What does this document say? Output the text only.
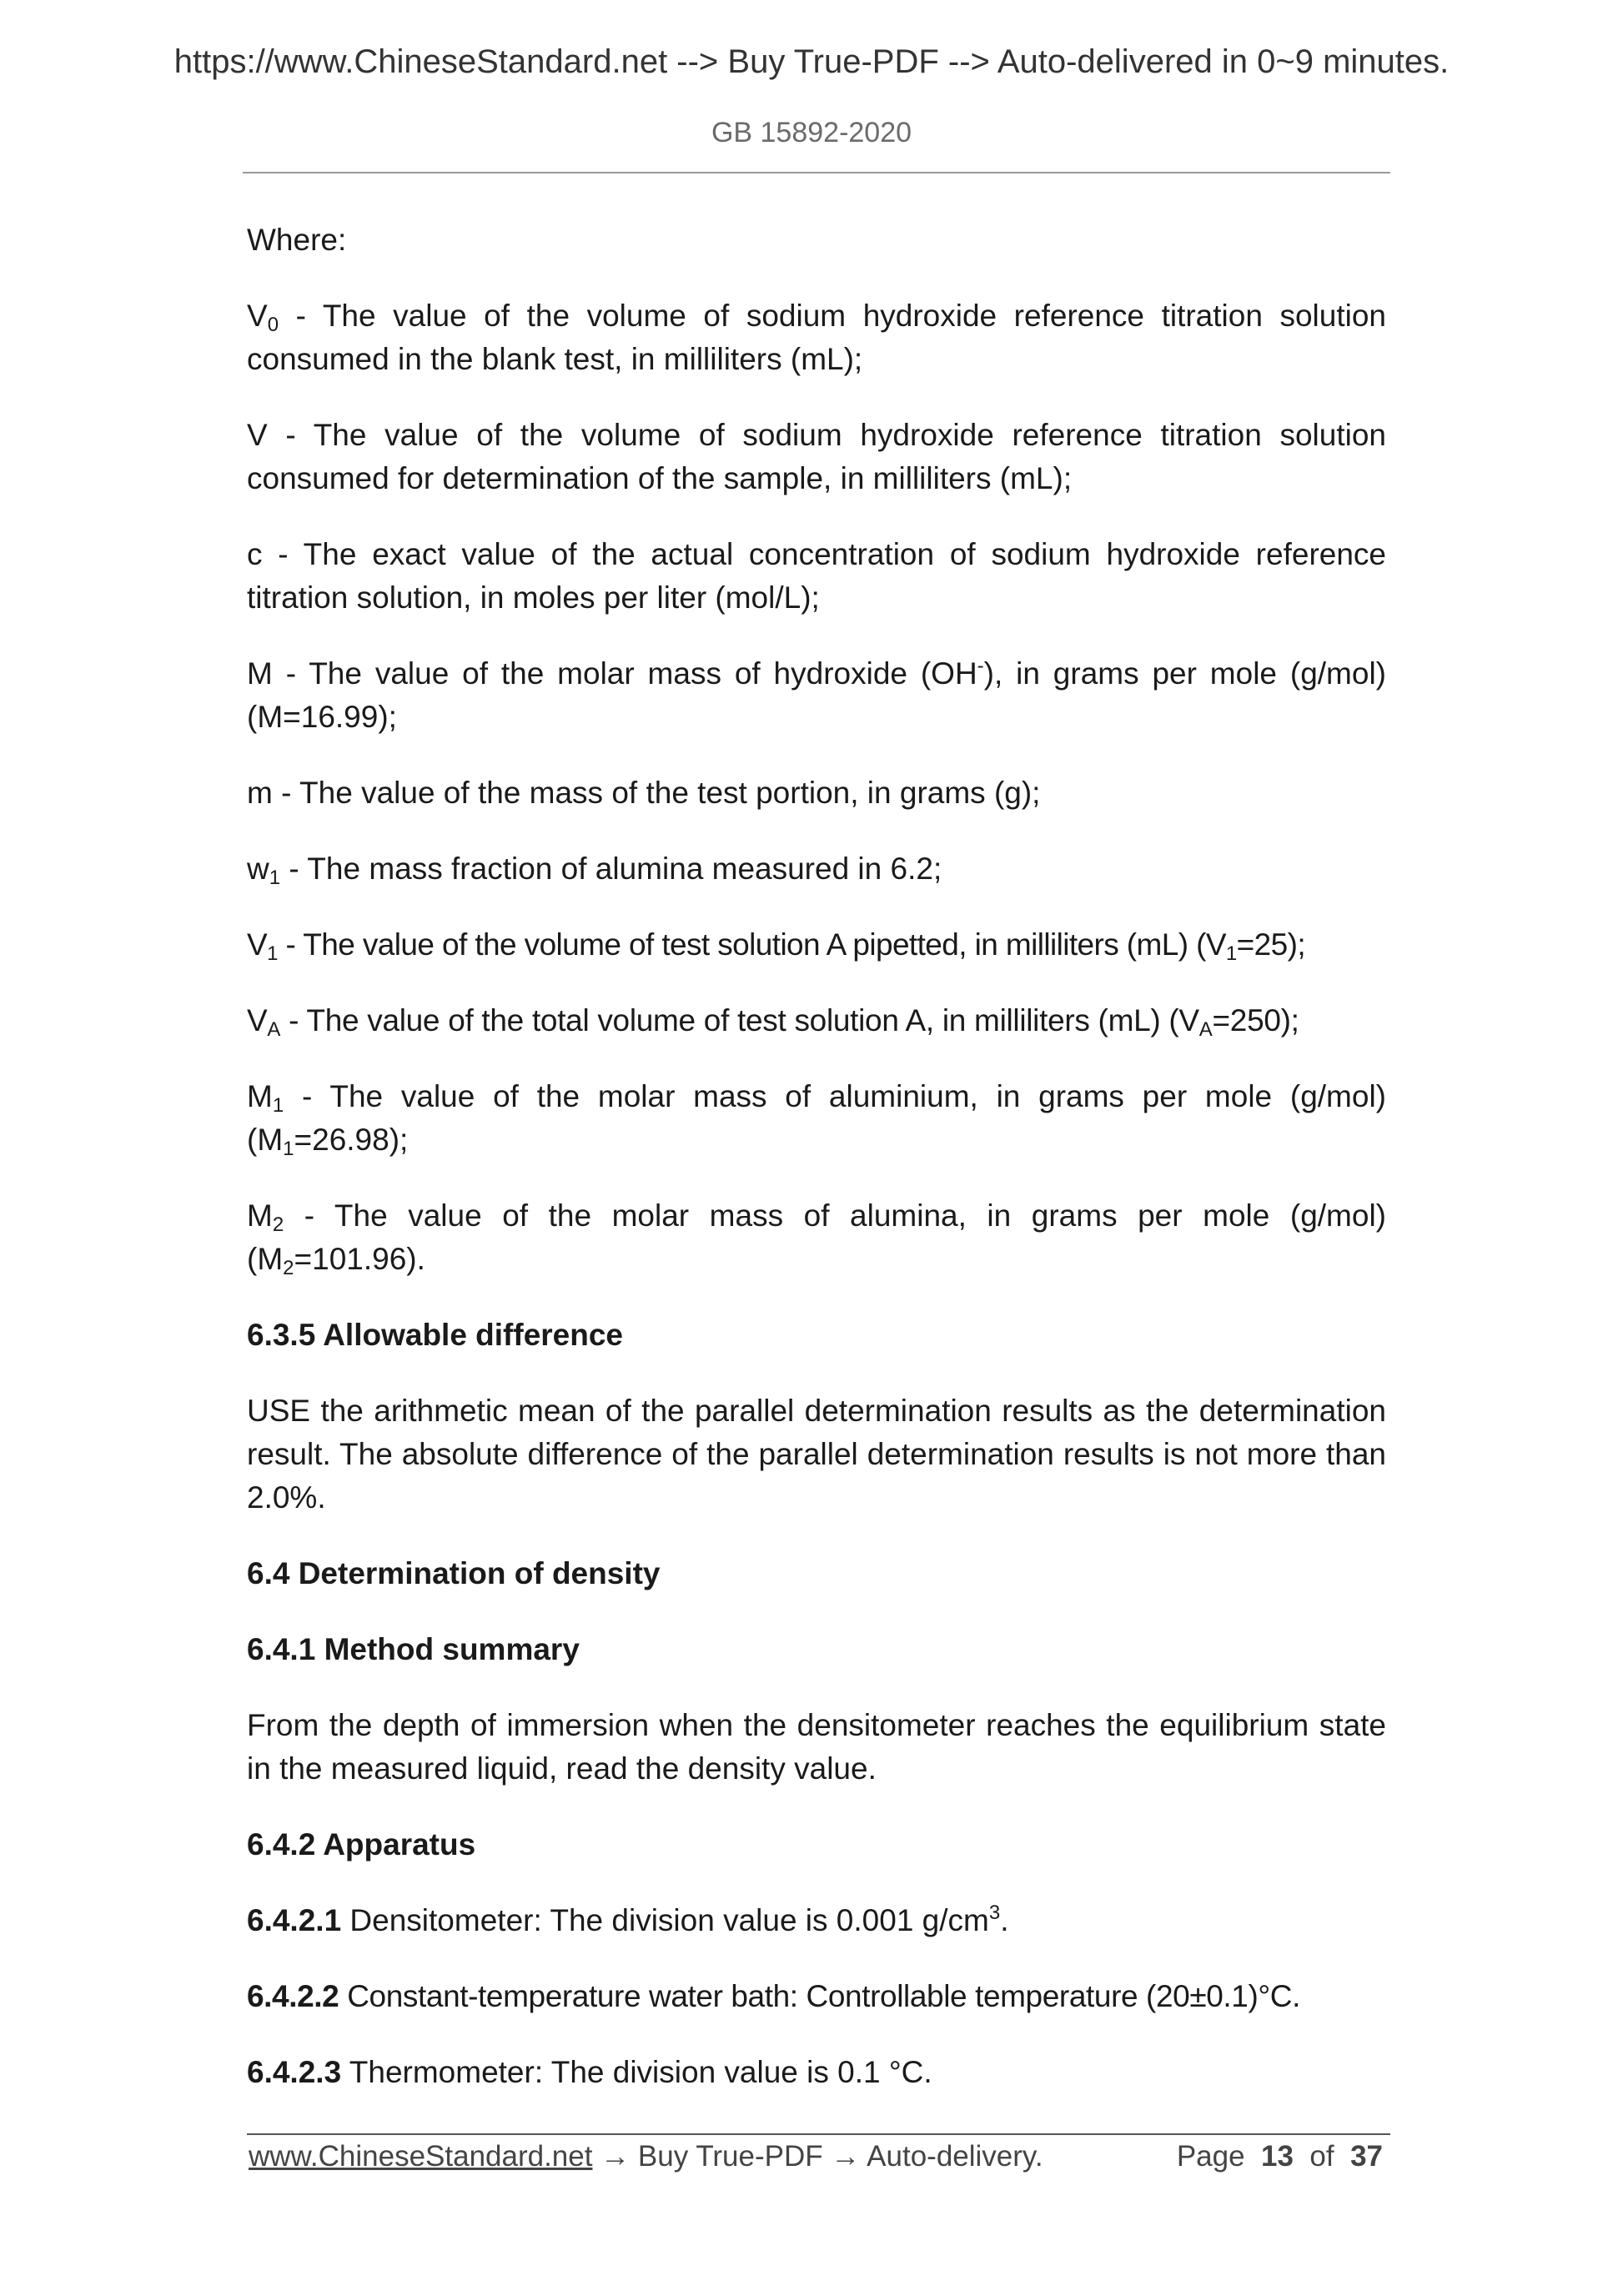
https://www.ChineseStandard.net --> Buy True-PDF --> Auto-delivered in 0~9 minutes.
GB 15892-2020

Where:

V0 - The value of the volume of sodium hydroxide reference titration solution consumed in the blank test, in milliliters (mL);

V - The value of the volume of sodium hydroxide reference titration solution consumed for determination of the sample, in milliliters (mL);

c - The exact value of the actual concentration of sodium hydroxide reference titration solution, in moles per liter (mol/L);

M - The value of the molar mass of hydroxide (OH-), in grams per mole (g/mol) (M=16.99);

m - The value of the mass of the test portion, in grams (g);

w1 - The mass fraction of alumina measured in 6.2;

V1 - The value of the volume of test solution A pipetted, in milliliters (mL) (V1=25);

VA - The value of the total volume of test solution A, in milliliters (mL) (VA=250);

M1 - The value of the molar mass of aluminium, in grams per mole (g/mol) (M1=26.98);

M2 - The value of the molar mass of alumina, in grams per mole (g/mol) (M2=101.96).

6.3.5 Allowable difference

USE the arithmetic mean of the parallel determination results as the determination result. The absolute difference of the parallel determination results is not more than 2.0%.

6.4 Determination of density

6.4.1 Method summary

From the depth of immersion when the densitometer reaches the equilibrium state in the measured liquid, read the density value.

6.4.2 Apparatus

6.4.2.1 Densitometer: The division value is 0.001 $g/cm^3$.

6.4.2.2 Constant-temperature water bath: Controllable temperature (20±0.1)°C.

6.4.2.3 Thermometer: The division value is 0.1 °C.

www.ChineseStandard.net → Buy True-PDF → Auto-delivery.	Page 13 of 37
